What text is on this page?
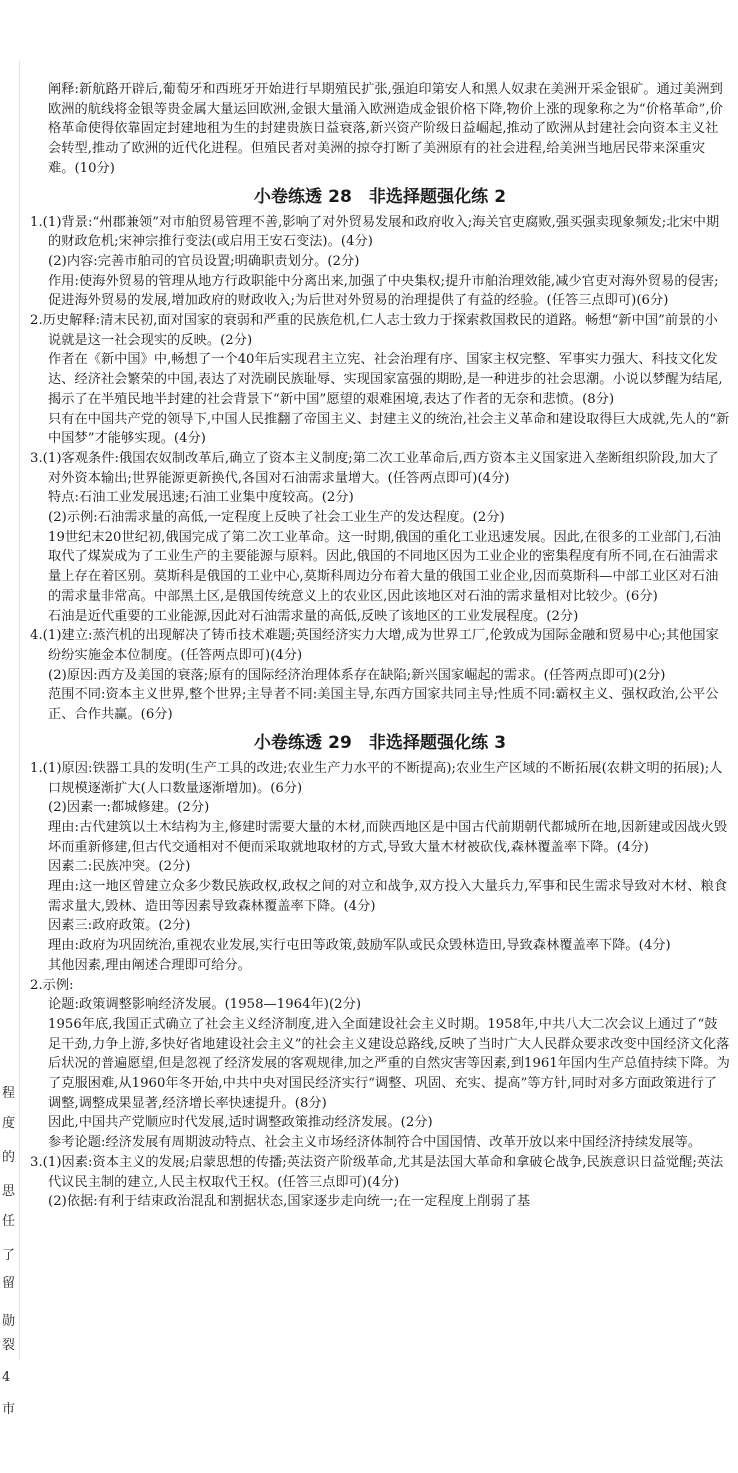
程
度
的
思
任
了
留
勋
裂
4
市

阐释:新航路开辟后,葡萄牙和西班牙开始进行早期殖民扩张,强迫印第安人和黑人奴隶在美洲开采金银矿。通过美洲到欧洲的航线将金银等贵金属大量运回欧洲,金银大量涌入欧洲造成金银价格下降,物价上涨的现象称之为“价格革命”,价格革命使得依靠固定封建地租为生的封建贵族日益衰落,新兴资产阶级日益崛起,推动了欧洲从封建社会向资本主义社会转型,推动了欧洲的近代化进程。但殖民者对美洲的掠夺打断了美洲原有的社会进程,给美洲当地居民带来深重灾难。(10分)

小卷练透 28　非选择题强化练 2

1.(1)背景:“州郡兼领”对市舶贸易管理不善,影响了对外贸易发展和政府收入;海关官吏腐败,强买强卖现象频发;北宋中期的财政危机;宋神宗推行变法(或启用王安石变法)。(4分)

(2)内容:完善市舶司的官员设置;明确职责划分。(2分)

作用:使海外贸易的管理从地方行政职能中分离出来,加强了中央集权;提升市舶治理效能,减少官吏对海外贸易的侵害;促进海外贸易的发展,增加政府的财政收入;为后世对外贸易的治理提供了有益的经验。(任答三点即可)(6分)

2.历史解释:清末民初,面对国家的衰弱和严重的民族危机,仁人志士致力于探索救国救民的道路。畅想“新中国”前景的小说就是这一社会现实的反映。(2分)

作者在《新中国》中,畅想了一个40年后实现君主立宪、社会治理有序、国家主权完整、军事实力强大、科技文化发达、经济社会繁荣的中国,表达了对洗刷民族耻辱、实现国家富强的期盼,是一种进步的社会思潮。小说以梦醒为结尾,揭示了在半殖民地半封建的社会背景下“新中国”愿望的艰难困境,表达了作者的无奈和悲愤。(8分)

只有在中国共产党的领导下,中国人民推翻了帝国主义、封建主义的统治,社会主义革命和建设取得巨大成就,先人的“新中国梦”才能够实现。(4分)

3.(1)客观条件:俄国农奴制改革后,确立了资本主义制度;第二次工业革命后,西方资本主义国家进入垄断组织阶段,加大了对外资本输出;世界能源更新换代,各国对石油需求量增大。(任答两点即可)(4分)

特点:石油工业发展迅速;石油工业集中度较高。(2分)

(2)示例:石油需求量的高低,一定程度上反映了社会工业生产的发达程度。(2分)

19世纪末20世纪初,俄国完成了第二次工业革命。这一时期,俄国的重化工业迅速发展。因此,在很多的工业部门,石油取代了煤炭成为了工业生产的主要能源与原料。因此,俄国的不同地区因为工业企业的密集程度有所不同,在石油需求量上存在着区别。莫斯科是俄国的工业中心,莫斯科周边分布着大量的俄国工业企业,因而莫斯科—中部工业区对石油的需求量非常高。中部黑土区,是俄国传统意义上的农业区,因此该地区对石油的需求量相对比较少。(6分)

石油是近代重要的工业能源,因此对石油需求量的高低,反映了该地区的工业发展程度。(2分)

4.(1)建立:蒸汽机的出现解决了铸币技术难题;英国经济实力大增,成为世界工厂,伦敦成为国际金融和贸易中心;其他国家纷纷实施金本位制度。(任答两点即可)(4分)

(2)原因:西方及美国的衰落;原有的国际经济治理体系存在缺陷;新兴国家崛起的需求。(任答两点即可)(2分)

范围不同:资本主义世界,整个世界;主导者不同:美国主导,东西方国家共同主导;性质不同:霸权主义、强权政治,公平公正、合作共赢。(6分)

小卷练透 29　非选择题强化练 3

1.(1)原因:铁器工具的发明(生产工具的改进;农业生产力水平的不断提高);农业生产区域的不断拓展(农耕文明的拓展);人口规模逐渐扩大(人口数量逐渐增加)。(6分)

(2)因素一:都城修建。(2分)

理由:古代建筑以土木结构为主,修建时需要大量的木材,而陕西地区是中国古代前期朝代都城所在地,因新建或因战火毁坏而重新修建,但古代交通相对不便而采取就地取材的方式,导致大量木材被砍伐,森林覆盖率下降。(4分)

因素二:民族冲突。(2分)

理由:这一地区曾建立众多少数民族政权,政权之间的对立和战争,双方投入大量兵力,军事和民生需求导致对木材、粮食需求量大,毁林、造田等因素导致森林覆盖率下降。(4分)

因素三:政府政策。(2分)

理由:政府为巩固统治,重视农业发展,实行屯田等政策,鼓励军队或民众毁林造田,导致森林覆盖率下降。(4分)

其他因素,理由阐述合理即可给分。

2.示例:

论题:政策调整影响经济发展。(1958—1964年)(2分)

1956年底,我国正式确立了社会主义经济制度,进入全面建设社会主义时期。1958年,中共八大二次会议上通过了“鼓足干劲,力争上游,多快好省地建设社会主义”的社会主义建设总路线,反映了当时广大人民群众要求改变中国经济文化落后状况的普遍愿望,但是忽视了经济发展的客观规律,加之严重的自然灾害等因素,到1961年国内生产总值持续下降。为了克服困难,从1960年冬开始,中共中央对国民经济实行“调整、巩固、充实、提高”等方针,同时对多方面政策进行了调整,调整成果显著,经济增长率快速提升。(8分)

因此,中国共产党顺应时代发展,适时调整政策推动经济发展。(2分)

参考论题:经济发展有周期波动特点、社会主义市场经济体制符合中国国情、改革开放以来中国经济持续发展等。

3.(1)因素:资本主义的发展;启蒙思想的传播;英法资产阶级革命,尤其是法国大革命和拿破仑战争,民族意识日益觉醒;英法代议民主制的建立,人民主权取代王权。(任答三点即可)(4分)

(2)依据:有利于结束政治混乱和割据状态,国家逐步走向统一;在一定程度上削弱了基
